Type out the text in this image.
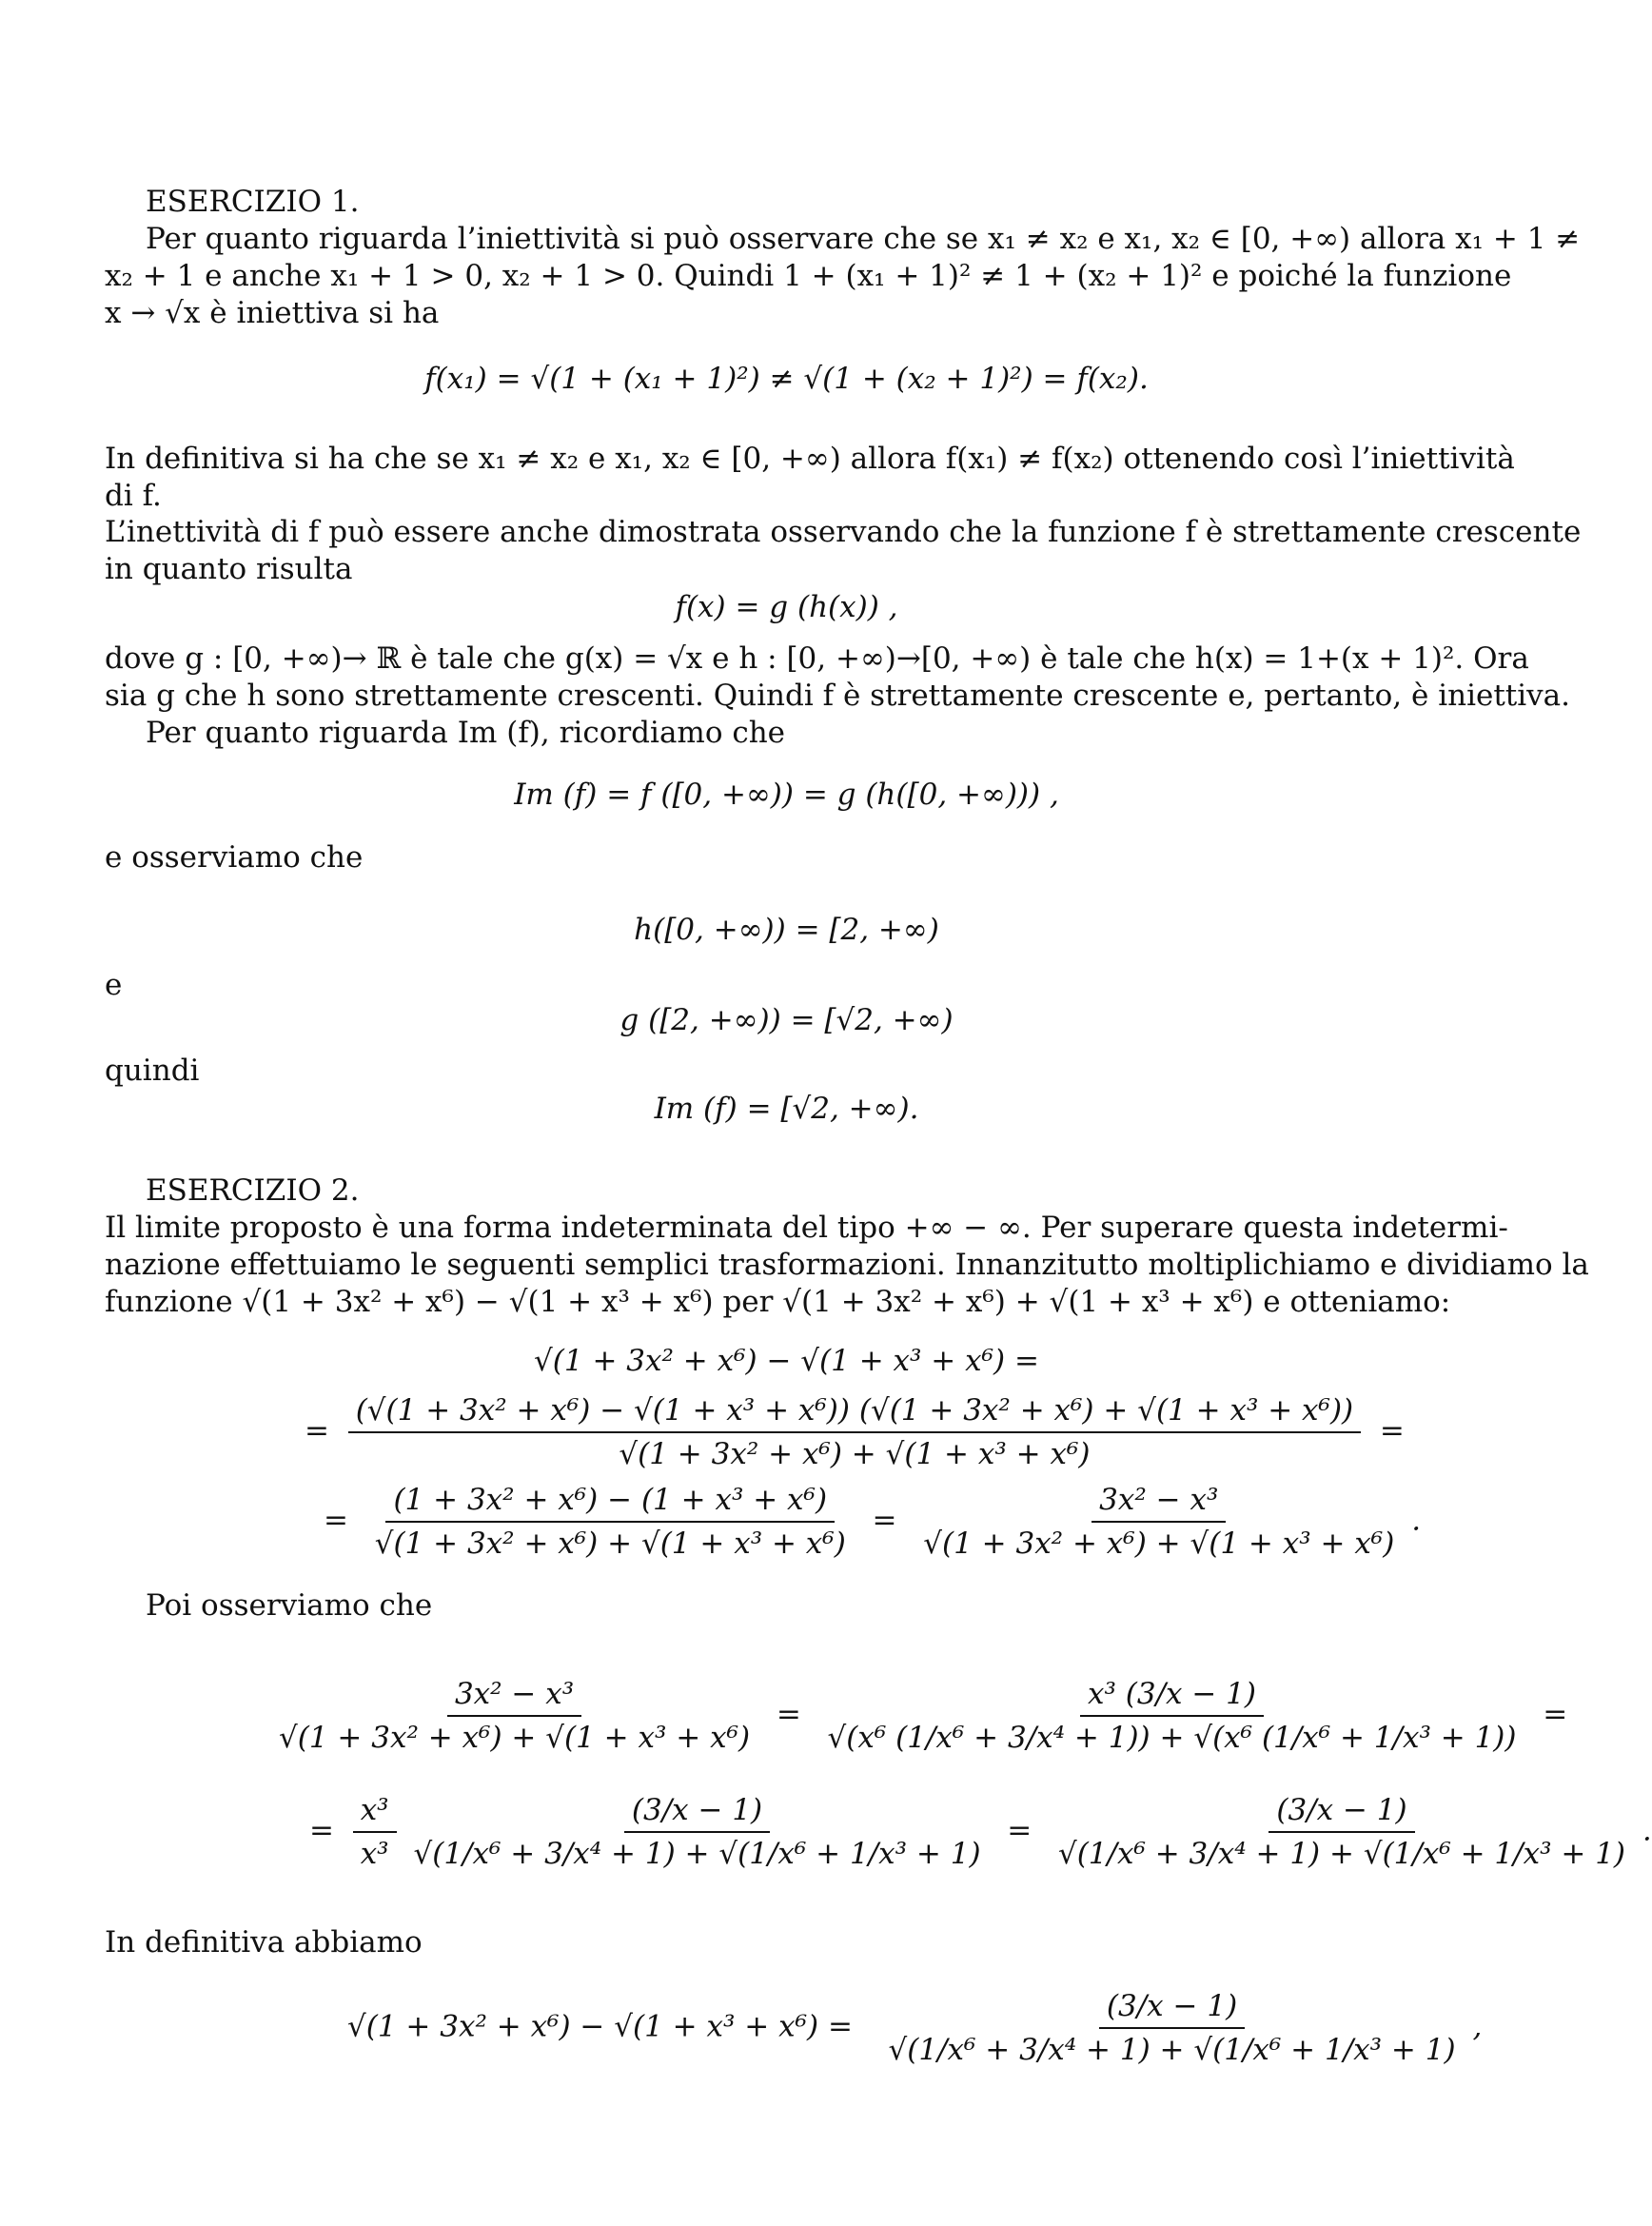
ESERCIZIO 1.
Per quanto riguarda l’iniettività si può osservare che se x₁ ≠ x₂ e x₁, x₂ ∈ [0, +∞) allora x₁ + 1 ≠
x₂ + 1 e anche x₁ + 1 > 0, x₂ + 1 > 0. Quindi 1 + (x₁ + 1)² ≠ 1 + (x₂ + 1)² e poiché la funzione
x → √x è iniettiva si ha
f(x₁) = √(1 + (x₁ + 1)²) ≠ √(1 + (x₂ + 1)²) = f(x₂).
In definitiva si ha che se x₁ ≠ x₂ e x₁, x₂ ∈ [0, +∞) allora f(x₁) ≠ f(x₂) ottenendo così l’iniettività
di f.
L’inettività di f può essere anche dimostrata osservando che la funzione f è strettamente crescente
in quanto risulta
f(x) = g (h(x)) ,
dove g : [0, +∞)→ ℝ è tale che g(x) = √x e h : [0, +∞)→[0, +∞) è tale che h(x) = 1+(x + 1)². Ora
sia g che h sono strettamente crescenti. Quindi f è strettamente crescente e, pertanto, è iniettiva.
Per quanto riguarda Im (f), ricordiamo che
Im (f) = f ([0, +∞)) = g (h([0, +∞))) ,
e osserviamo che
h([0, +∞)) = [2, +∞)
e
g ([2, +∞)) = [√2, +∞)
quindi
Im (f) = [√2, +∞).
ESERCIZIO 2.
Il limite proposto è una forma indeterminata del tipo +∞ − ∞. Per superare questa indetermi-
nazione effettuiamo le seguenti semplici trasformazioni. Innanzitutto moltiplichiamo e dividiamo la
funzione √(1 + 3x² + x⁶) − √(1 + x³ + x⁶) per √(1 + 3x² + x⁶) + √(1 + x³ + x⁶) e otteniamo:
√(1 + 3x² + x⁶) − √(1 + x³ + x⁶) =
=
(√(1 + 3x² + x⁶) − √(1 + x³ + x⁶)) (√(1 + 3x² + x⁶) + √(1 + x³ + x⁶))
√(1 + 3x² + x⁶) + √(1 + x³ + x⁶)
=
= $\frac{\text{(1 + 3x² + x⁶) − (1 + x³ + x⁶)}}{\text{√(1 + 3x² + x⁶) + √(1 + x³ + x⁶)}} = \frac{\text{3x² − x³}}{\text{√(1 + 3x² + x⁶) + √(1 + x³ + x⁶)}}$ .
Poi osserviamo che
$\frac{\text{3x² − x³}}{\text{√(1 + 3x² + x⁶) + √(1 + x³ + x⁶)}} = \frac{\text{x³ (3/x − 1)}}{\text{√(x⁶ (1/x⁶ + 3/x⁴ + 1)) + √(x⁶ (1/x⁶ + 1/x³ + 1))}}$ =
= $\frac{\text{x³}}{\text{x³}}$
$\frac{(3/x - 1)}{\text{√(1/x⁶ + 3/x⁴ + 1) + √(1/x⁶ + 1/x³ + 1)}} = \frac{(3/x - 1)}{\text{√(1/x⁶ + 3/x⁴ + 1) + √(1/x⁶ + 1/x³ + 1)}}$ .
In definitiva abbiamo
$√(1 + 3x^2 + x^6) - √(1 + x^3 + x^6) = \frac{(3/x - 1)}{\text{√(1/x⁶ + 3/x⁴ + 1) + √(1/x⁶ + 1/x³ + 1)}}$ ,
